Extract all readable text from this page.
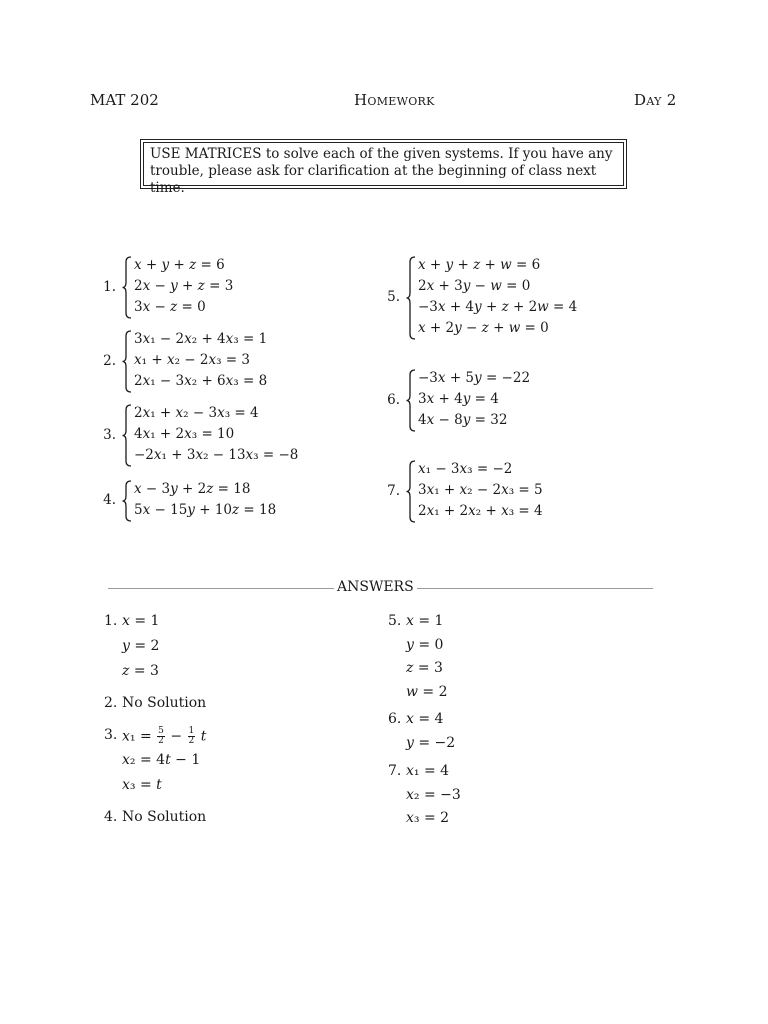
MAT 202	Homework	Day 2
USE MATRICES to solve each of the given systems. If you have any
trouble, please ask for clarification at the beginning of class next time.
1.
x + y + z = 6
2x − y + z = 3
3x − z = 0
2.
3x₁ − 2x₂ + 4x₃ = 1
x₁ + x₂ − 2x₃ = 3
2x₁ − 3x₂ + 6x₃ = 8
3.
2x₁ + x₂ − 3x₃ = 4
4x₁ + 2x₃ = 10
−2x₁ + 3x₂ − 13x₃ = −8
4.
x − 3y + 2z = 18
5x − 15y + 10z = 18
5.
x + y + z + w = 6
2x + 3y − w = 0
−3x + 4y + z + 2w = 4
x + 2y − z + w = 0
6.
−3x + 5y = −22
3x + 4y = 4
4x − 8y = 32
7.
x₁ − 3x₃ = −2
3x₁ + x₂ − 2x₃ = 5
2x₁ + 2x₂ + x₃ = 4
ANSWERS
1. x = 1
y = 2
z = 3
2. No Solution
3. $x_1 = \frac{5}{2} - \frac{1}{2}$ t
x₂ = 4t − 1
x₃ = t
4. No Solution
5. x = 1
y = 0
z = 3
w = 2
6. x = 4
y = −2
7. x₁ = 4
x₂ = −3
x₃ = 2
